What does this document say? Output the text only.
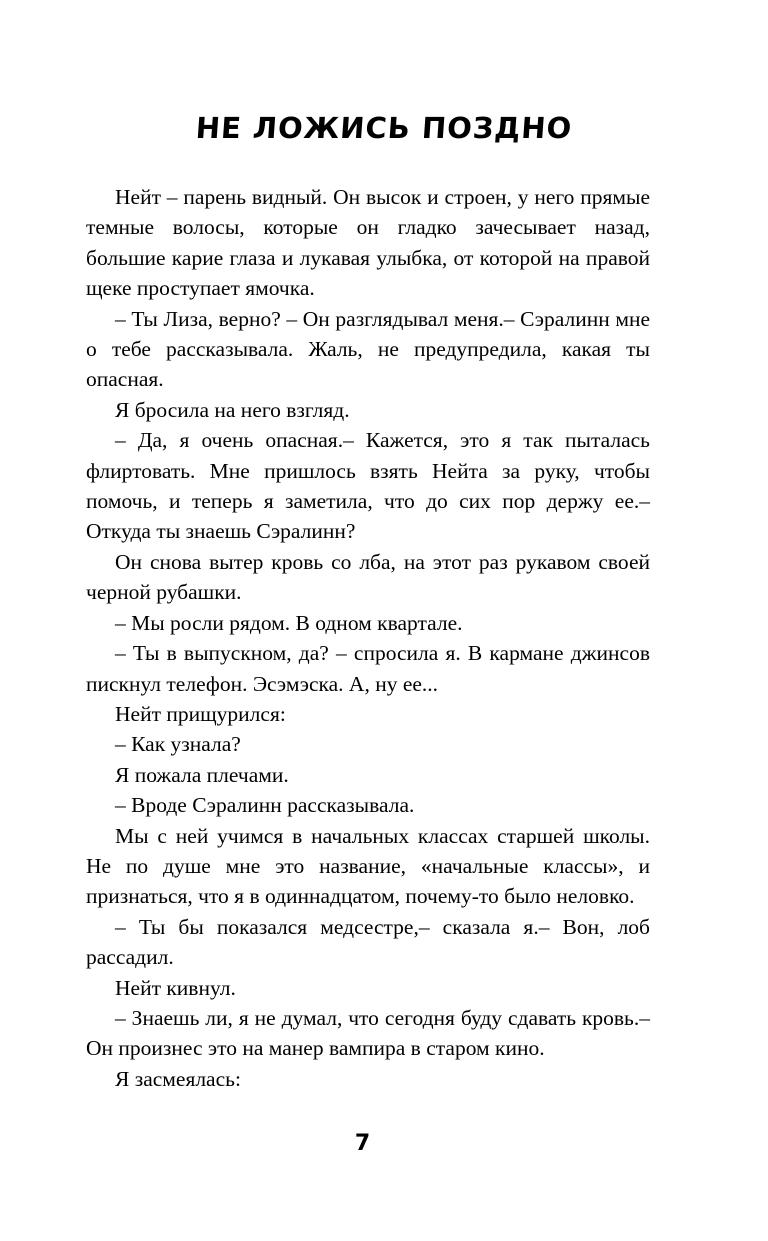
НЕ ЛОЖИСЬ ПОЗДНО

Нейт – парень видный. Он высок и строен, у него прямые темные волосы, которые он гладко зачесывает назад, большие карие глаза и лукавая улыбка, от которой на правой щеке проступает ямочка.

– Ты Лиза, верно? – Он разглядывал меня.– Сэралинн мне о тебе рассказывала. Жаль, не предупредила, какая ты опасная.

Я бросила на него взгляд.

– Да, я очень опасная.– Кажется, это я так пыталась флиртовать. Мне пришлось взять Нейта за руку, чтобы помочь, и теперь я заметила, что до сих пор держу ее.– Откуда ты знаешь Сэралинн?

Он снова вытер кровь со лба, на этот раз рукавом своей черной рубашки.

– Мы росли рядом. В одном квартале.

– Ты в выпускном, да? – спросила я. В кармане джинсов пискнул телефон. Эсэмэска. А, ну ее...

Нейт прищурился:

– Как узнала?

Я пожала плечами.

– Вроде Сэралинн рассказывала.

Мы с ней учимся в начальных классах старшей школы. Не по душе мне это название, «начальные классы», и признаться, что я в одиннадцатом, почему-то было неловко.

– Ты бы показался медсестре,– сказала я.– Вон, лоб рассадил.

Нейт кивнул.

– Знаешь ли, я не думал, что сегодня буду сдавать кровь.– Он произнес это на манер вампира в старом кино.

Я засмеялась:

7
